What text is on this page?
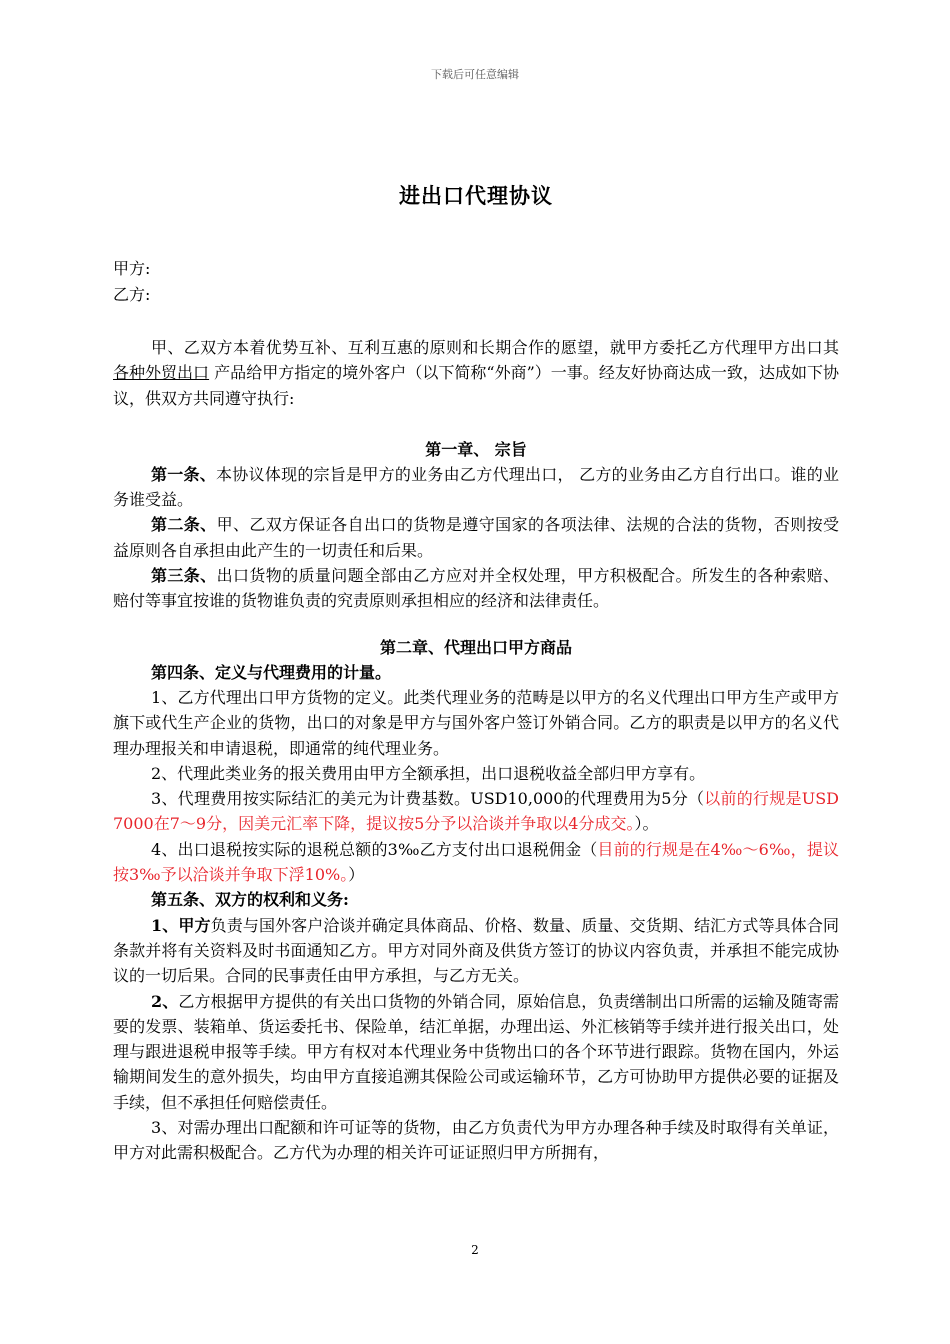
下载后可任意编辑
进出口代理协议

甲方:

乙方:

甲、乙双方本着优势互补、互利互惠的原则和长期合作的愿望，就甲方委托乙方代理甲方出口其各种外贸出口 产品给甲方指定的境外客户（以下简称“外商”）一事。经友好协商达成一致，达成如下协议，供双方共同遵守执行:

第一章、 宗旨

第一条、本协议体现的宗旨是甲方的业务由乙方代理出口， 乙方的业务由乙方自行出口。谁的业务谁受益。

第二条、甲、乙双方保证各自出口的货物是遵守国家的各项法律、法规的合法的货物，否则按受益原则各自承担由此产生的一切责任和后果。

第三条、出口货物的质量问题全部由乙方应对并全权处理，甲方积极配合。所发生的各种索赔、赔付等事宜按谁的货物谁负责的究责原则承担相应的经济和法律责任。

第二章、代理出口甲方商品

第四条、定义与代理费用的计量。

1、乙方代理出口甲方货物的定义。此类代理业务的范畴是以甲方的名义代理出口甲方生产或甲方旗下或代生产企业的货物，出口的对象是甲方与国外客户签订外销合同。乙方的职责是以甲方的名义代理办理报关和申请退税，即通常的纯代理业务。

2、代理此类业务的报关费用由甲方全额承担，出口退税收益全部归甲方享有。

3、代理费用按实际结汇的美元为计费基数。USD10,000的代理费用为5分（以前的行规是USD 7000在7～9分，因美元汇率下降，提议按5分予以洽谈并争取以4分成交。）。

4、出口退税按实际的退税总额的3‰乙方支付出口退税佣金（目前的行规是在4‰～6‰，提议按3‰予以洽谈并争取下浮10%。）

第五条、双方的权利和义务:

1、甲方负责与国外客户洽谈并确定具体商品、价格、数量、质量、交货期、结汇方式等具体合同条款并将有关资料及时书面通知乙方。甲方对同外商及供货方签订的协议内容负责，并承担不能完成协议的一切后果。合同的民事责任由甲方承担，与乙方无关。

2、乙方根据甲方提供的有关出口货物的外销合同，原始信息，负责缮制出口所需的运输及随寄需要的发票、装箱单、货运委托书、保险单，结汇单据，办理出运、外汇核销等手续并进行报关出口，处理与跟进退税申报等手续。甲方有权对本代理业务中货物出口的各个环节进行跟踪。货物在国内，外运输期间发生的意外损失，均由甲方直接追溯其保险公司或运输环节，乙方可协助甲方提供必要的证据及手续，但不承担任何赔偿责任。

3、对需办理出口配额和许可证等的货物，由乙方负责代为甲方办理各种手续及时取得有关单证，甲方对此需积极配合。乙方代为办理的相关许可证证照归甲方所拥有，

2
